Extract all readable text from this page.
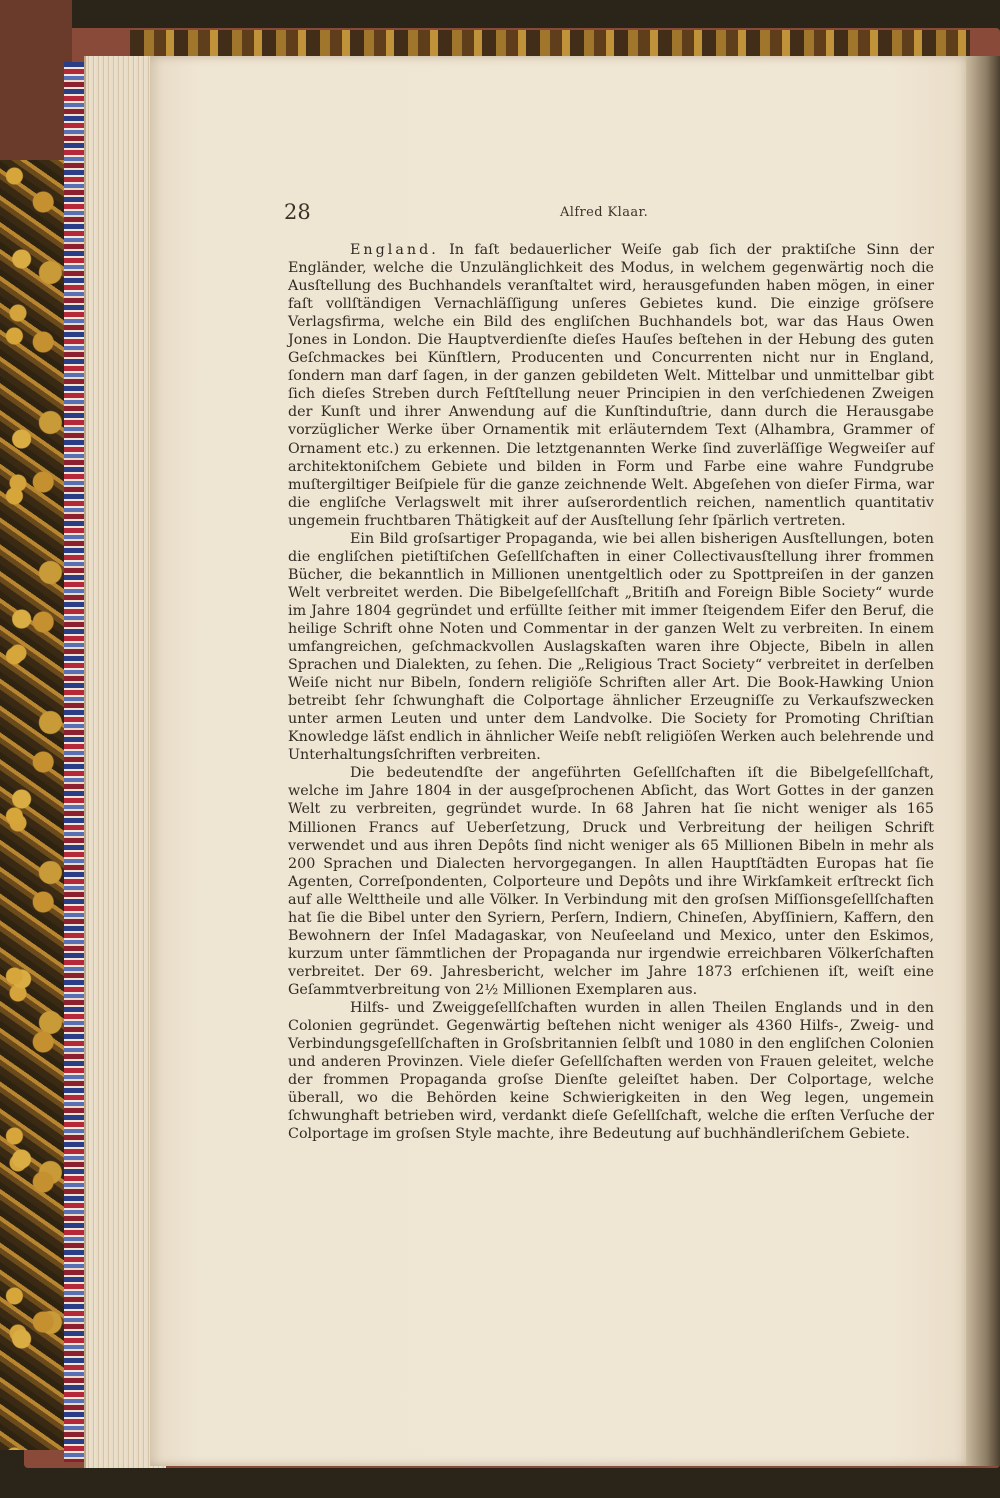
28	Alfred Klaar.

England. In faſt bedauerlicher Weiſe gab ſich der praktiſche Sinn der Engländer, welche die Unzulänglichkeit des Modus, in welchem gegenwärtig noch die Ausſtellung des Buchhandels veranſtaltet wird, herausgefunden haben mögen, in einer faſt vollſtändigen Vernachläſſigung unſeres Gebietes kund. Die einzige gröſsere Verlagsfirma, welche ein Bild des engliſchen Buchhandels bot, war das Haus Owen Jones in London. Die Hauptverdienſte dieſes Hauſes beſtehen in der Hebung des guten Geſchmackes bei Künſtlern, Producenten und Concurrenten nicht nur in England, ſondern man darf ſagen, in der ganzen gebildeten Welt. Mittelbar und unmittelbar gibt ſich dieſes Streben durch Feſtſtellung neuer Principien in den verſchiedenen Zweigen der Kunſt und ihrer Anwendung auf die Kunſtinduſtrie, dann durch die Herausgabe vorzüglicher Werke über Ornamentik mit erläuterndem Text (Alhambra, Grammer of Ornament etc.) zu erkennen. Die letztgenannten Werke ſind zuverläſſige Wegweiſer auf architektoniſchem Gebiete und bilden in Form und Farbe eine wahre Fundgrube muſtergiltiger Beiſpiele für die ganze zeichnende Welt. Abgeſehen von dieſer Firma, war die engliſche Verlagswelt mit ihrer auſserordentlich reichen, namentlich quantitativ ungemein fruchtbaren Thätigkeit auf der Ausſtellung ſehr ſpärlich vertreten.

Ein Bild groſsartiger Propaganda, wie bei allen bisherigen Ausſtellungen, boten die engliſchen pietiſtiſchen Geſellſchaften in einer Collectivausſtellung ihrer frommen Bücher, die bekanntlich in Millionen unentgeltlich oder zu Spottpreiſen in der ganzen Welt verbreitet werden. Die Bibelgeſellſchaft „Britiſh and Foreign Bible Society“ wurde im Jahre 1804 gegründet und erfüllte ſeither mit immer ſteigendem Eifer den Beruf, die heilige Schrift ohne Noten und Commentar in der ganzen Welt zu verbreiten. In einem umfangreichen, geſchmackvollen Auslagskaſten waren ihre Objecte, Bibeln in allen Sprachen und Dialekten, zu ſehen. Die „Religious Tract Society“ verbreitet in derſelben Weiſe nicht nur Bibeln, ſondern religiöſe Schriften aller Art. Die Book-Hawking Union betreibt ſehr ſchwunghaft die Colportage ähnlicher Erzeugniſſe zu Verkaufszwecken unter armen Leuten und unter dem Landvolke. Die Society for Promoting Chriſtian Knowledge läſst endlich in ähnlicher Weiſe nebſt religiöſen Werken auch belehrende und Unterhaltungsſchriften verbreiten.

Die bedeutendſte der angeführten Geſellſchaften iſt die Bibelgeſellſchaft, welche im Jahre 1804 in der ausgeſprochenen Abſicht, das Wort Gottes in der ganzen Welt zu verbreiten, gegründet wurde. In 68 Jahren hat ſie nicht weniger als 165 Millionen Francs auf Ueberſetzung, Druck und Verbreitung der heiligen Schrift verwendet und aus ihren Depôts ſind nicht weniger als 65 Millionen Bibeln in mehr als 200 Sprachen und Dialecten hervorgegangen. In allen Hauptſtädten Europas hat ſie Agenten, Correſpondenten, Colporteure und Depôts und ihre Wirkſamkeit erſtreckt ſich auf alle Welttheile und alle Völker. In Verbindung mit den groſsen Miſſionsgeſellſchaften hat ſie die Bibel unter den Syriern, Perſern, Indiern, Chineſen, Abyſſiniern, Kaffern, den Bewohnern der Inſel Madagaskar, von Neuſeeland und Mexico, unter den Eskimos, kurzum unter ſämmtlichen der Propaganda nur irgendwie erreichbaren Völkerſchaften verbreitet. Der 69. Jahresbericht, welcher im Jahre 1873 erſchienen iſt, weiſt eine Geſammtverbreitung von 2½ Millionen Exemplaren aus.

Hilfs- und Zweiggeſellſchaften wurden in allen Theilen Englands und in den Colonien gegründet. Gegenwärtig beſtehen nicht weniger als 4360 Hilfs-, Zweig- und Verbindungsgeſellſchaften in Groſsbritannien ſelbſt und 1080 in den engliſchen Colonien und anderen Provinzen. Viele dieſer Geſellſchaften werden von Frauen geleitet, welche der frommen Propaganda groſse Dienſte geleiſtet haben. Der Colportage, welche überall, wo die Behörden keine Schwierigkeiten in den Weg legen, ungemein ſchwunghaft betrieben wird, verdankt dieſe Geſellſchaft, welche die erſten Verſuche der Colportage im groſsen Style machte, ihre Bedeutung auf buchhändleriſchem Gebiete.
